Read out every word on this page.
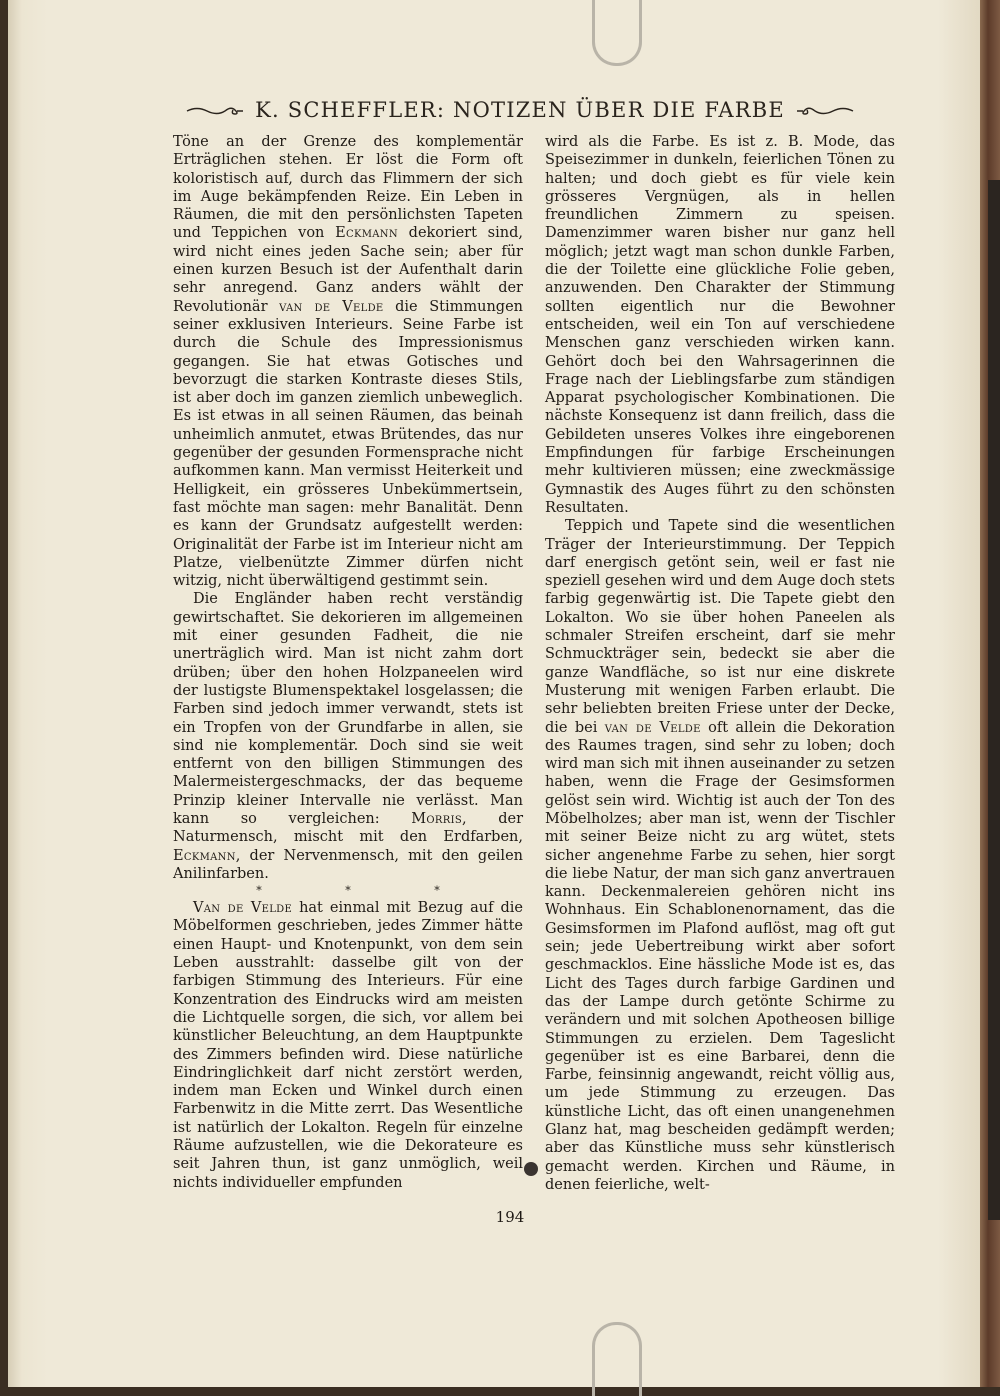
K. SCHEFFLER: NOTIZEN ÜBER DIE FARBE

Töne an der Grenze des komplementär Erträglichen stehen. Er löst die Form oft koloristisch auf, durch das Flimmern der sich im Auge bekämpfenden Reize. Ein Leben in Räumen, die mit den persönlichsten Tapeten und Teppichen von Eckmann dekoriert sind, wird nicht eines jeden Sache sein; aber für einen kurzen Besuch ist der Aufenthalt darin sehr anregend. Ganz anders wählt der Revolutionär van de Velde die Stimmungen seiner exklusiven Interieurs. Seine Farbe ist durch die Schule des Impressionismus gegangen. Sie hat etwas Gotisches und bevorzugt die starken Kontraste dieses Stils, ist aber doch im ganzen ziemlich unbeweglich. Es ist etwas in all seinen Räumen, das beinah unheimlich anmutet, etwas Brütendes, das nur gegenüber der gesunden Formensprache nicht aufkommen kann. Man vermisst Heiterkeit und Helligkeit, ein grösseres Unbekümmertsein, fast möchte man sagen: mehr Banalität. Denn es kann der Grundsatz aufgestellt werden: Originalität der Farbe ist im Interieur nicht am Platze, vielbenützte Zimmer dürfen nicht witzig, nicht überwältigend gestimmt sein.

Die Engländer haben recht verständig gewirtschaftet. Sie dekorieren im allgemeinen mit einer gesunden Fadheit, die nie unerträglich wird. Man ist nicht zahm dort drüben; über den hohen Holzpaneelen wird der lustigste Blumenspektakel losgelassen; die Farben sind jedoch immer verwandt, stets ist ein Tropfen von der Grundfarbe in allen, sie sind nie komplementär. Doch sind sie weit entfernt von den billigen Stimmungen des Malermeistergeschmacks, der das bequeme Prinzip kleiner Intervalle nie verlässt. Man kann so vergleichen: Morris, der Naturmensch, mischt mit den Erdfarben, Eckmann, der Nervenmensch, mit den geilen Anilinfarben.

* * *

Van de Velde hat einmal mit Bezug auf die Möbelformen geschrieben, jedes Zimmer hätte einen Haupt- und Knotenpunkt, von dem sein Leben ausstrahlt: dasselbe gilt von der farbigen Stimmung des Interieurs. Für eine Konzentration des Eindrucks wird am meisten die Lichtquelle sorgen, die sich, vor allem bei künstlicher Beleuchtung, an dem Hauptpunkte des Zimmers befinden wird. Diese natürliche Eindringlichkeit darf nicht zerstört werden, indem man Ecken und Winkel durch einen Farbenwitz in die Mitte zerrt. Das Wesentliche ist natürlich der Lokalton. Regeln für einzelne Räume aufzustellen, wie die Dekorateure es seit Jahren thun, ist ganz unmöglich, weil nichts individueller empfunden

wird als die Farbe. Es ist z. B. Mode, das Speisezimmer in dunkeln, feierlichen Tönen zu halten; und doch giebt es für viele kein grösseres Vergnügen, als in hellen freundlichen Zimmern zu speisen. Damenzimmer waren bisher nur ganz hell möglich; jetzt wagt man schon dunkle Farben, die der Toilette eine glückliche Folie geben, anzuwenden. Den Charakter der Stimmung sollten eigentlich nur die Bewohner entscheiden, weil ein Ton auf verschiedene Menschen ganz verschieden wirken kann. Gehört doch bei den Wahrsagerinnen die Frage nach der Lieblingsfarbe zum ständigen Apparat psychologischer Kombinationen. Die nächste Konsequenz ist dann freilich, dass die Gebildeten unseres Volkes ihre eingeborenen Empfindungen für farbige Erscheinungen mehr kultivieren müssen; eine zweckmässige Gymnastik des Auges führt zu den schönsten Resultaten.

Teppich und Tapete sind die wesentlichen Träger der Interieurstimmung. Der Teppich darf energisch getönt sein, weil er fast nie speziell gesehen wird und dem Auge doch stets farbig gegenwärtig ist. Die Tapete giebt den Lokalton. Wo sie über hohen Paneelen als schmaler Streifen erscheint, darf sie mehr Schmuckträger sein, bedeckt sie aber die ganze Wandfläche, so ist nur eine diskrete Musterung mit wenigen Farben erlaubt. Die sehr beliebten breiten Friese unter der Decke, die bei van de Velde oft allein die Dekoration des Raumes tragen, sind sehr zu loben; doch wird man sich mit ihnen auseinander zu setzen haben, wenn die Frage der Gesimsformen gelöst sein wird. Wichtig ist auch der Ton des Möbelholzes; aber man ist, wenn der Tischler mit seiner Beize nicht zu arg wütet, stets sicher angenehme Farbe zu sehen, hier sorgt die liebe Natur, der man sich ganz anvertrauen kann. Deckenmalereien gehören nicht ins Wohnhaus. Ein Schablonenornament, das die Gesimsformen im Plafond auflöst, mag oft gut sein; jede Uebertreibung wirkt aber sofort geschmacklos. Eine hässliche Mode ist es, das Licht des Tages durch farbige Gardinen und das der Lampe durch getönte Schirme zu verändern und mit solchen Apotheosen billige Stimmungen zu erzielen. Dem Tageslicht gegenüber ist es eine Barbarei, denn die Farbe, feinsinnig angewandt, reicht völlig aus, um jede Stimmung zu erzeugen. Das künstliche Licht, das oft einen unangenehmen Glanz hat, mag bescheiden gedämpft werden; aber das Künstliche muss sehr künstlerisch gemacht werden. Kirchen und Räume, in denen feierliche, welt-

194
